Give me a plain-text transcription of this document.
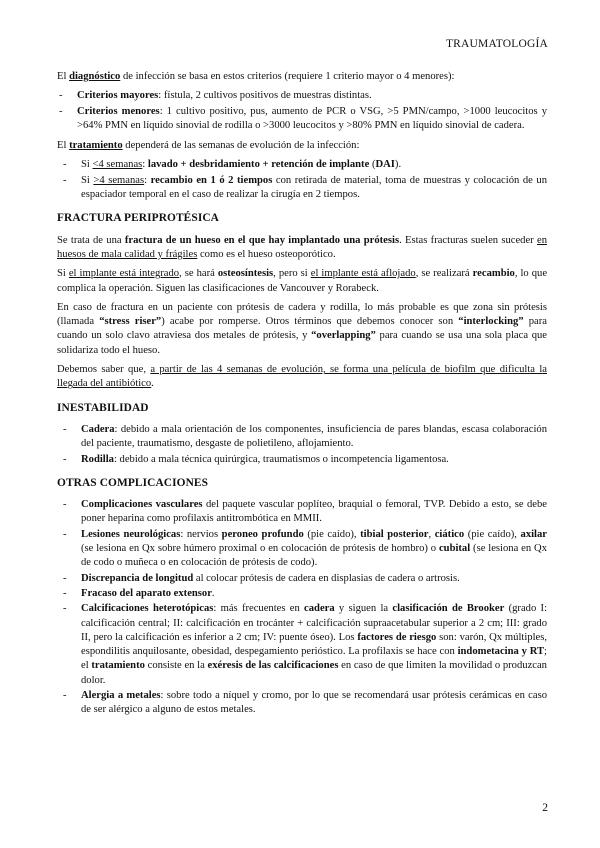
TRAUMATOLOGÍA

El diagnóstico de infección se basa en estos criterios (requiere 1 criterio mayor o 4 menores):

- Criterios mayores: fístula, 2 cultivos positivos de muestras distintas.
- Criterios menores: 1 cultivo positivo, pus, aumento de PCR o VSG, >5 PMN/campo, >1000 leucocitos y >64% PMN en líquido sinovial de rodilla o >3000 leucocitos y >80% PMN en líquido sinovial de cadera.

El tratamiento dependerá de las semanas de evolución de la infección:

- Si <4 semanas: lavado + desbridamiento + retención de implante (DAI).
- Si >4 semanas: recambio en 1 ó 2 tiempos con retirada de material, toma de muestras y colocación de un espaciador temporal en el caso de realizar la cirugía en 2 tiempos.
FRACTURA PERIPROTÉSICA

Se trata de una fractura de un hueso en el que hay implantado una prótesis. Estas fracturas suelen suceder en huesos de mala calidad y frágiles como es el hueso osteoporótico.

Si el implante está integrado, se hará osteosíntesis, pero si el implante está aflojado, se realizará recambio, lo que complica la operación. Siguen las clasificaciones de Vancouver y Rorabeck.

En caso de fractura en un paciente con prótesis de cadera y rodilla, lo más probable es que zona sin prótesis (llamada “stress riser”) acabe por romperse. Otros términos que debemos conocer son “interlocking” para cuando un solo clavo atraviesa dos metales de prótesis, y “overlapping” para cuando se usa una sola placa que solidariza todo el hueso.

Debemos saber que, a partir de las 4 semanas de evolución, se forma una película de biofilm que dificulta la llegada del antibiótico.

INESTABILIDAD
- Cadera: debido a mala orientación de los componentes, insuficiencia de pares blandas, escasa colaboración del paciente, traumatismo, desgaste de polietileno, aflojamiento.
- Rodilla: debido a mala técnica quirúrgica, traumatismos o incompetencia ligamentosa.
OTRAS COMPLICACIONES
- Complicaciones vasculares del paquete vascular poplíteo, braquial o femoral, TVP. Debido a esto, se debe poner heparina como profilaxis antitrombótica en MMII.
- Lesiones neurológicas: nervios peroneo profundo (pie caído), tibial posterior, ciático (pie caído), axilar (se lesiona en Qx sobre húmero proximal o en colocación de prótesis de hombro) o cubital (se lesiona en Qx de codo o muñeca o en colocación de prótesis de codo).
- Discrepancia de longitud al colocar prótesis de cadera en displasias de cadera o artrosis.
- Fracaso del aparato extensor.
- Calcificaciones heterotópicas: más frecuentes en cadera y siguen la clasificación de Brooker (grado I: calcificación central; II: calcificación en trocánter + calcificación supraacetabular superior a 2 cm; III: grado II, pero la calcificación es inferior a 2 cm; IV: puente óseo). Los factores de riesgo son: varón, Qx múltiples, espondilitis anquilosante, obesidad, despegamiento perióstico. La profilaxis se hace con indometacina y RT; el tratamiento consiste en la exéresis de las calcificaciones en caso de que limiten la movilidad o produzcan dolor.
- Alergia a metales: sobre todo a níquel y cromo, por lo que se recomendará usar prótesis cerámicas en caso de ser alérgico a alguno de estos metales.
2
